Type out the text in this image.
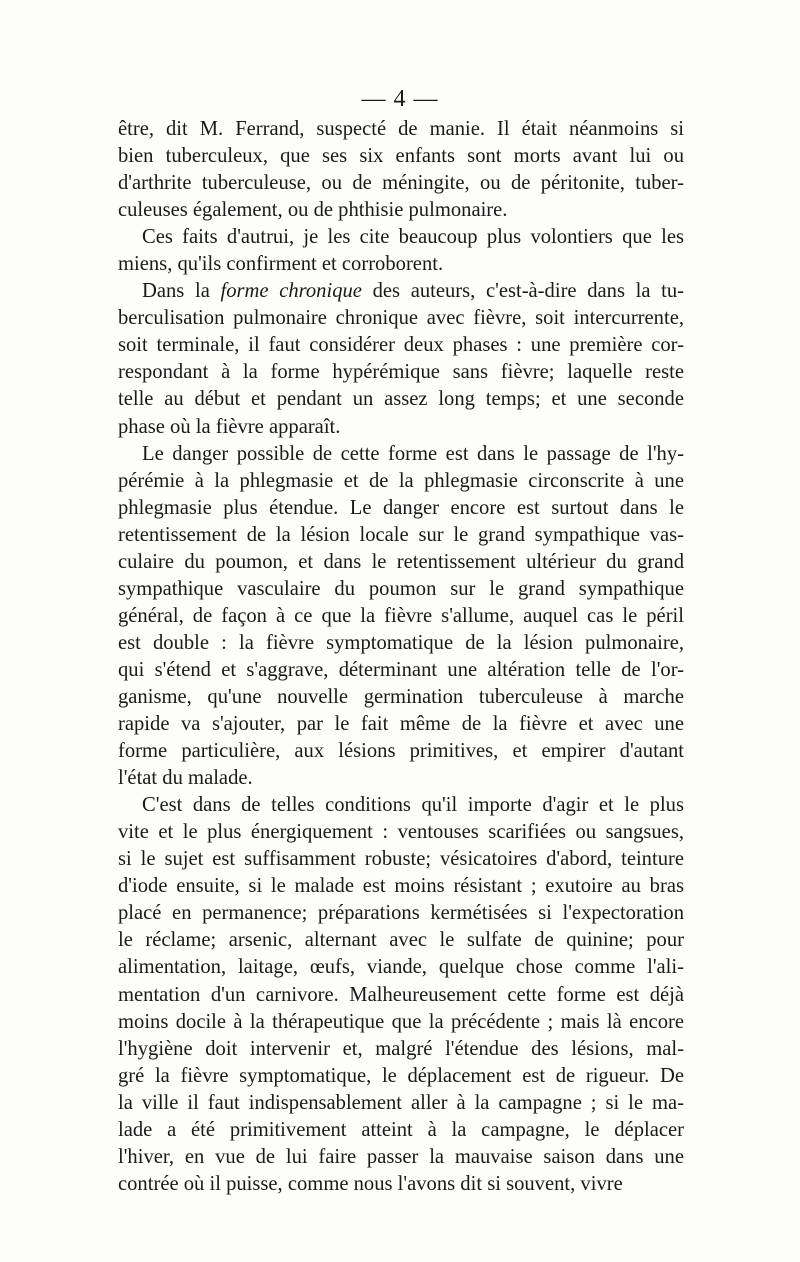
— 4 —
être, dit M. Ferrand, suspecté de manie. Il était néanmoins si
bien tuberculeux, que ses six enfants sont morts avant lui ou
d'arthrite tuberculeuse, ou de méningite, ou de péritonite, tuber-
culeuses également, ou de phthisie pulmonaire.
Ces faits d'autrui, je les cite beaucoup plus volontiers que les
miens, qu'ils confirment et corroborent.
Dans la forme chronique des auteurs, c'est-à-dire dans la tu-
berculisation pulmonaire chronique avec fièvre, soit intercurrente,
soit terminale, il faut considérer deux phases : une première cor-
respondant à la forme hypérémique sans fièvre; laquelle reste
telle au début et pendant un assez long temps; et une seconde
phase où la fièvre apparaît.
Le danger possible de cette forme est dans le passage de l'hy-
pérémie à la phlegmasie et de la phlegmasie circonscrite à une
phlegmasie plus étendue. Le danger encore est surtout dans le
retentissement de la lésion locale sur le grand sympathique vas-
culaire du poumon, et dans le retentissement ultérieur du grand
sympathique vasculaire du poumon sur le grand sympathique
général, de façon à ce que la fièvre s'allume, auquel cas le péril
est double : la fièvre symptomatique de la lésion pulmonaire,
qui s'étend et s'aggrave, déterminant une altération telle de l'or-
ganisme, qu'une nouvelle germination tuberculeuse à marche
rapide va s'ajouter, par le fait même de la fièvre et avec une
forme particulière, aux lésions primitives, et empirer d'autant
l'état du malade.
C'est dans de telles conditions qu'il importe d'agir et le plus
vite et le plus énergiquement : ventouses scarifiées ou sangsues,
si le sujet est suffisamment robuste; vésicatoires d'abord, teinture
d'iode ensuite, si le malade est moins résistant ; exutoire au bras
placé en permanence; préparations kermétisées si l'expectoration
le réclame; arsenic, alternant avec le sulfate de quinine; pour
alimentation, laitage, œufs, viande, quelque chose comme l'ali-
mentation d'un carnivore. Malheureusement cette forme est déjà
moins docile à la thérapeutique que la précédente ; mais là encore
l'hygiène doit intervenir et, malgré l'étendue des lésions, mal-
gré la fièvre symptomatique, le déplacement est de rigueur. De
la ville il faut indispensablement aller à la campagne ; si le ma-
lade a été primitivement atteint à la campagne, le déplacer
l'hiver, en vue de lui faire passer la mauvaise saison dans une
contrée où il puisse, comme nous l'avons dit si souvent, vivre
